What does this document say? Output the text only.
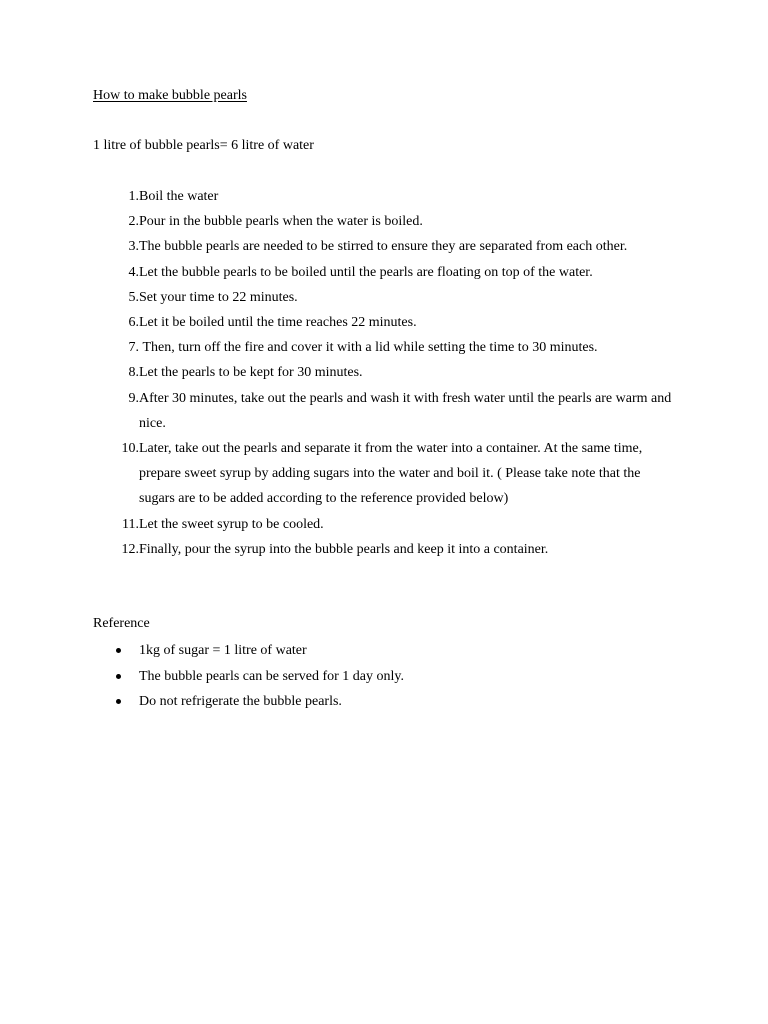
How to make bubble pearls
1 litre of bubble pearls= 6 litre of water
1. Boil the water
2. Pour in the bubble pearls when the water is boiled.
3. The bubble pearls are needed to be stirred to ensure they are separated from each other.
4. Let the bubble pearls to be boiled until the pearls are floating on top of the water.
5. Set your time to 22 minutes.
6. Let it be boiled until the time reaches 22 minutes.
7. Then, turn off the fire and cover it with a lid while setting the time to 30 minutes.
8. Let the pearls to be kept for 30 minutes.
9. After 30 minutes, take out the pearls and wash it with fresh water until the pearls are warm and nice.
10. Later, take out the pearls and separate it from the water into a container. At the same time, prepare sweet syrup by adding sugars into the water and boil it. ( Please take note that the sugars are to be added according to the reference provided below)
11. Let the sweet syrup to be cooled.
12. Finally, pour the syrup into the bubble pearls and keep it into a container.
Reference
1kg of sugar = 1 litre of water
The bubble pearls can be served for 1 day only.
Do not refrigerate the bubble pearls.
